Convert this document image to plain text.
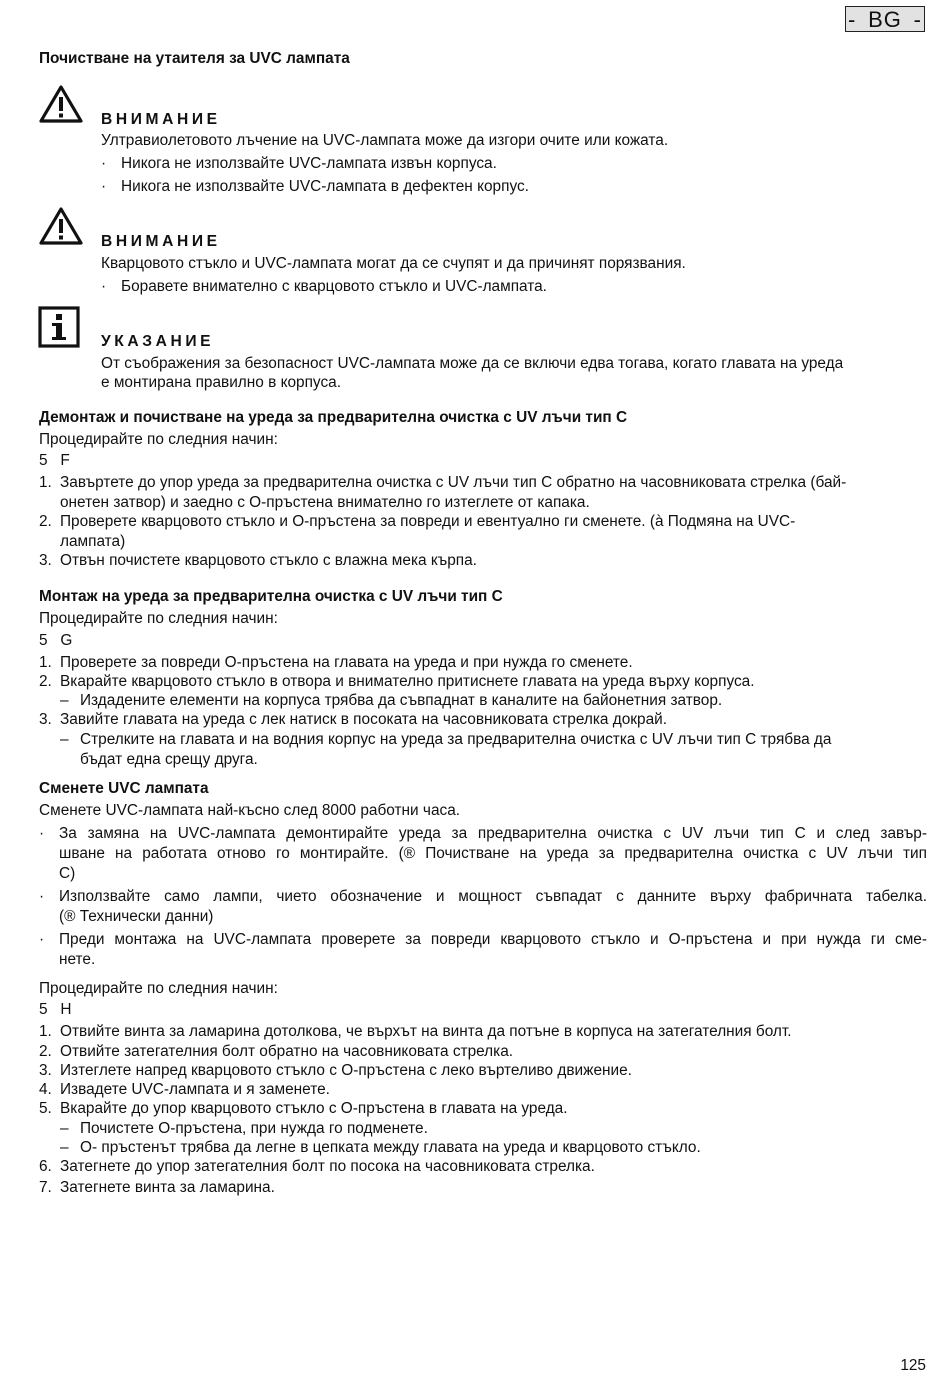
- BG -
Почистване на утаителя за UVC лампата
ВНИМАНИЕ

Ултравиолетовото лъчение на UVC-лампата може да изгори очите или кожата.

· Никога не използвайте UVC-лампата извън корпуса.
· Никога не използвайте UVC-лампата в дефектен корпус.
ВНИМАНИЕ

Кварцовото стъкло и UVC-лампата могат да се счупят и да причинят порязвания.

· Боравете внимателно с кварцовото стъкло и UVC-лампата.
УКАЗАНИЕ

От съображения за безопасност UVC-лампата може да се включи едва тогава, когато главата на уреда

е монтирана правилно в корпуса.

Демонтаж и почистване на уреда за предварителна очистка с UV лъчи тип C

Процедирайте по следния начин:

5   F

1. Завъртете до упор уреда за предварителна очистка с UV лъчи тип C обратно на часовниковата стрелка (бай-
онетен затвор) и заедно с О-пръстена внимателно го изтеглете от капака.
2. Проверете кварцовото стъкло и О-пръстена за повреди и евентуално ги сменете. (à Подмяна на UVC-
лампата)
3. Отвън почистете кварцовото стъкло с влажна мека кърпа.
Монтаж на уреда за предварителна очистка с UV лъчи тип C

Процедирайте по следния начин:

5   G

1. Проверете за повреди О-пръстена на главата на уреда и при нужда го сменете.
2. Вкарайте кварцовото стъкло в отвора и внимателно притиснете главата на уреда върху корпуса.
– Издадените елементи на корпуса трябва да съвпаднат в каналите на байонетния затвор.
3. Завийте главата на уреда с лек натиск в посоката на часовниковата стрелка докрай.
– Стрелките на главата и на водния корпус на уреда за предварителна очистка с UV лъчи тип C трябва да
бъдат една срещу друга.
Сменете UVC лампата

Сменете UVC-лампата най-късно след 8000 работни часа.

· За замяна на UVC-лампата демонтирайте уреда за предварителна очистка с UV лъчи тип C и след завър-
шване на работата отново го монтирайте. (® Почистване на уреда за предварителна очистка с UV лъчи тип
C)
· Използвайте само лампи, чието обозначение и мощност съвпадат с данните върху фабричната табелка.
(® Технически данни)
· Преди монтажа на UVC-лампата проверете за повреди кварцовото стъкло и О-пръстена и при нужда ги сме-
нете.

Процедирайте по следния начин:

5   H

1. Отвийте винта за ламарина дотолкова, че върхът на винта да потъне в корпуса на затегателния болт.
2. Отвийте затегателния болт обратно на часовниковата стрелка.
3. Изтеглете напред кварцовото стъкло с О-пръстена с леко въртеливо движение.
4. Извадете UVC-лампата и я заменете.
5. Вкарайте до упор кварцовото стъкло с О-пръстена в главата на уреда.
– Почистете О-пръстена, при нужда го подменете.
– О- пръстенът трябва да легне в цепката между главата на уреда и кварцовото стъкло.
6. Затегнете до упор затегателния болт по посока на часовниковата стрелка.
7. Затегнете винта за ламарина.
125
